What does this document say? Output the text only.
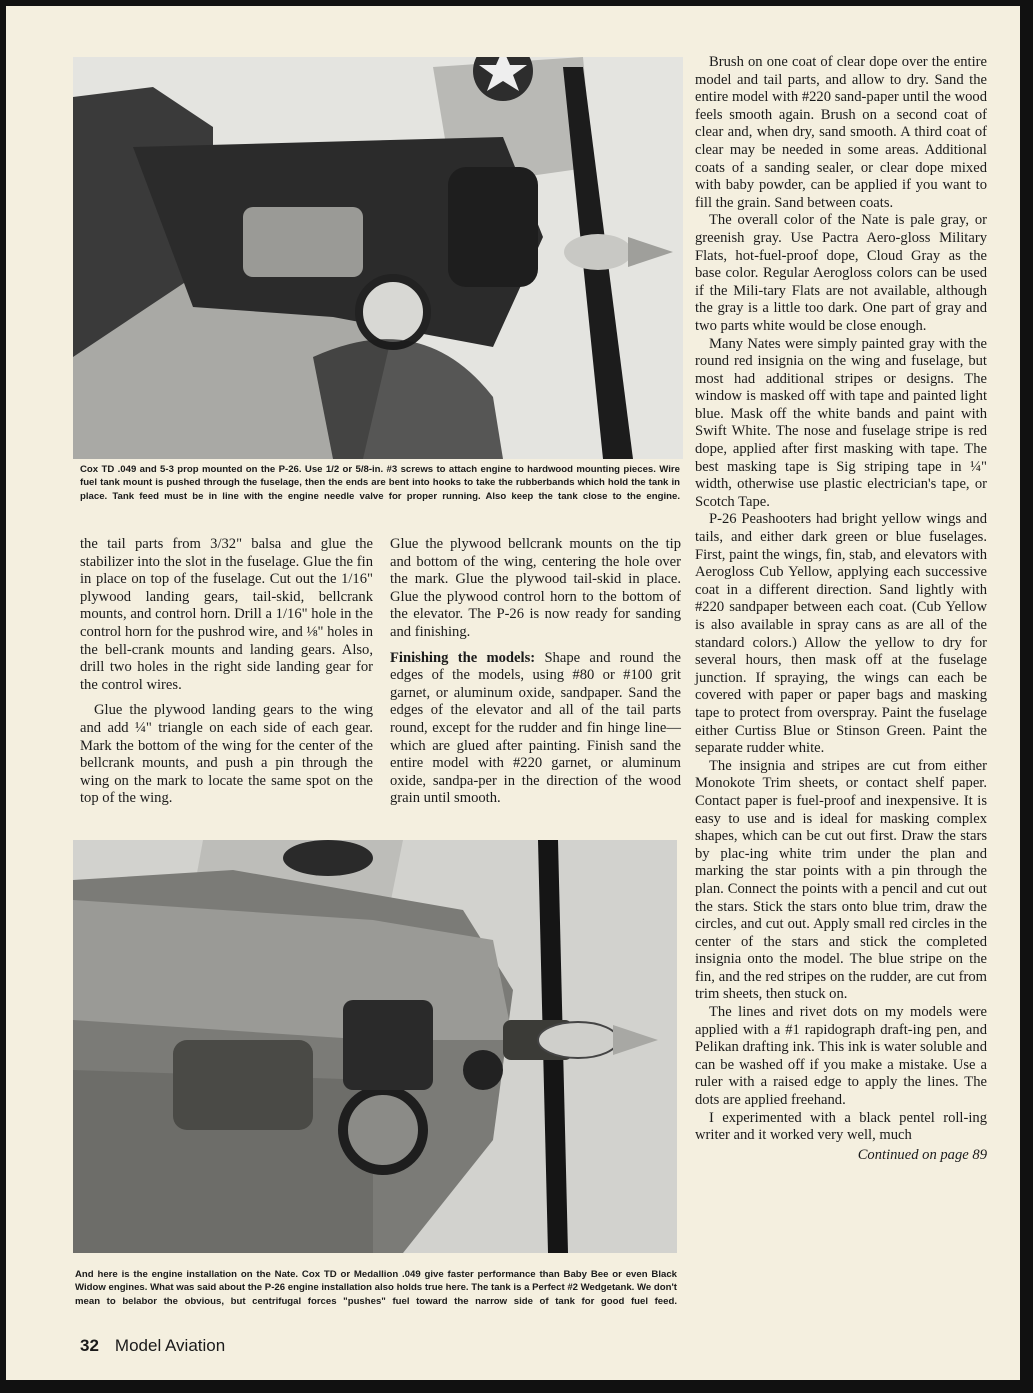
Cox TD .049 and 5-3 prop mounted on the P-26. Use 1/2 or 5/8-in. #3 screws to attach engine to hardwood mounting pieces. Wire fuel tank mount is pushed through the fuselage, then the ends are bent into hooks to take the rubberbands which hold the tank in place. Tank feed must be in line with the engine needle valve for proper running. Also keep the tank close to the engine.

the tail parts from 3/32" balsa and glue the stabilizer into the slot in the fuselage. Glue the fin in place on top of the fuselage. Cut out the 1/16" plywood landing gears, tail-skid, bellcrank mounts, and control horn. Drill a 1/16" hole in the control horn for the pushrod wire, and ⅛" holes in the bell-crank mounts and landing gears. Also, drill two holes in the right side landing gear for the control wires.

Glue the plywood landing gears to the wing and add ¼" triangle on each side of each gear. Mark the bottom of the wing for the center of the bellcrank mounts, and push a pin through the wing on the mark to locate the same spot on the top of the wing.

Glue the plywood bellcrank mounts on the tip and bottom of the wing, centering the hole over the mark. Glue the plywood tail-skid in place. Glue the plywood control horn to the bottom of the elevator. The P-26 is now ready for sanding and finishing.

Finishing the models: Shape and round the edges of the models, using #80 or #100 grit garnet, or aluminum oxide, sandpaper. Sand the edges of the elevator and all of the tail parts round, except for the rudder and fin hinge line—which are glued after painting. Finish sand the entire model with #220 garnet, or aluminum oxide, sandpa-per in the direction of the wood grain until smooth.

And here is the engine installation on the Nate. Cox TD or Medallion .049 give faster performance than Baby Bee or even Black Widow engines. What was said about the P-26 engine installation also holds true here. The tank is a Perfect #2 Wedgetank. We don't mean to belabor the obvious, but centrifugal forces "pushes" fuel toward the narrow side of tank for good fuel feed.

Brush on one coat of clear dope over the entire model and tail parts, and allow to dry. Sand the entire model with #220 sand-paper until the wood feels smooth again. Brush on a second coat of clear and, when dry, sand smooth. A third coat of clear may be needed in some areas. Additional coats of a sanding sealer, or clear dope mixed with baby powder, can be applied if you want to fill the grain. Sand between coats.

The overall color of the Nate is pale gray, or greenish gray. Use Pactra Aero-gloss Military Flats, hot-fuel-proof dope, Cloud Gray as the base color. Regular Aerogloss colors can be used if the Mili-tary Flats are not available, although the gray is a little too dark. One part of gray and two parts white would be close enough.

Many Nates were simply painted gray with the round red insignia on the wing and fuselage, but most had additional stripes or designs. The window is masked off with tape and painted light blue. Mask off the white bands and paint with Swift White. The nose and fuselage stripe is red dope, applied after first masking with tape. The best masking tape is Sig striping tape in ¼" width, otherwise use plastic electrician's tape, or Scotch Tape.

P-26 Peashooters had bright yellow wings and tails, and either dark green or blue fuselages. First, paint the wings, fin, stab, and elevators with Aerogloss Cub Yellow, applying each successive coat in a different direction. Sand lightly with #220 sandpaper between each coat. (Cub Yellow is also available in spray cans as are all of the standard colors.) Allow the yellow to dry for several hours, then mask off at the fuselage junction. If spraying, the wings can each be covered with paper or paper bags and masking tape to protect from overspray. Paint the fuselage either Curtiss Blue or Stinson Green. Paint the separate rudder white.

The insignia and stripes are cut from either Monokote Trim sheets, or contact shelf paper. Contact paper is fuel-proof and inexpensive. It is easy to use and is ideal for masking complex shapes, which can be cut out first. Draw the stars by plac-ing white trim under the plan and marking the star points with a pin through the plan. Connect the points with a pencil and cut out the stars. Stick the stars onto blue trim, draw the circles, and cut out. Apply small red circles in the center of the stars and stick the completed insignia onto the model. The blue stripe on the fin, and the red stripes on the rudder, are cut from trim sheets, then stuck on.

The lines and rivet dots on my models were applied with a #1 rapidograph draft-ing pen, and Pelikan drafting ink. This ink is water soluble and can be washed off if you make a mistake. Use a ruler with a raised edge to apply the lines. The dots are applied freehand.

I experimented with a black pentel roll-ing writer and it worked very well, much

Continued on page 89
32 Model Aviation
